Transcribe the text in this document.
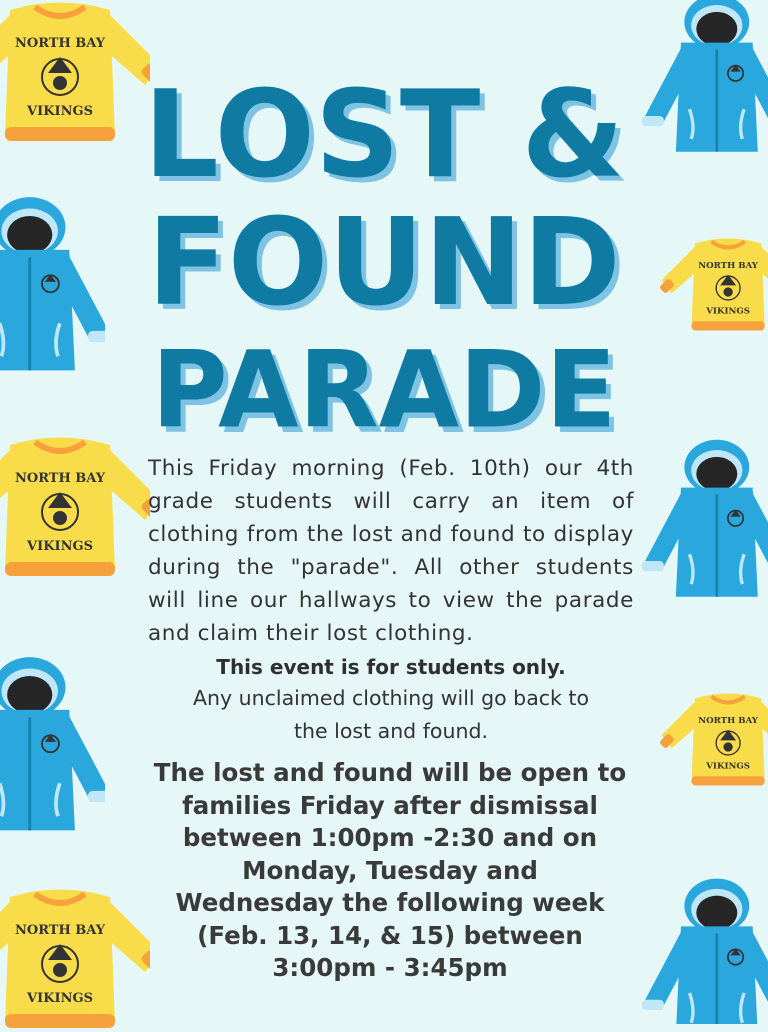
LOST &
FOUND
PARADE
This Friday morning (Feb. 10th) our 4th grade students will carry an item of clothing from the lost and found to display during the "parade". All other students will line our hallways to view the parade and claim their lost clothing.
This event is for students only.
Any unclaimed clothing will go back to
the lost and found.
The lost and found will be open to
families Friday after dismissal
between 1:00pm -2:30 and on
Monday, Tuesday and
Wednesday the following week
(Feb. 13, 14, & 15) between
3:00pm - 3:45pm
